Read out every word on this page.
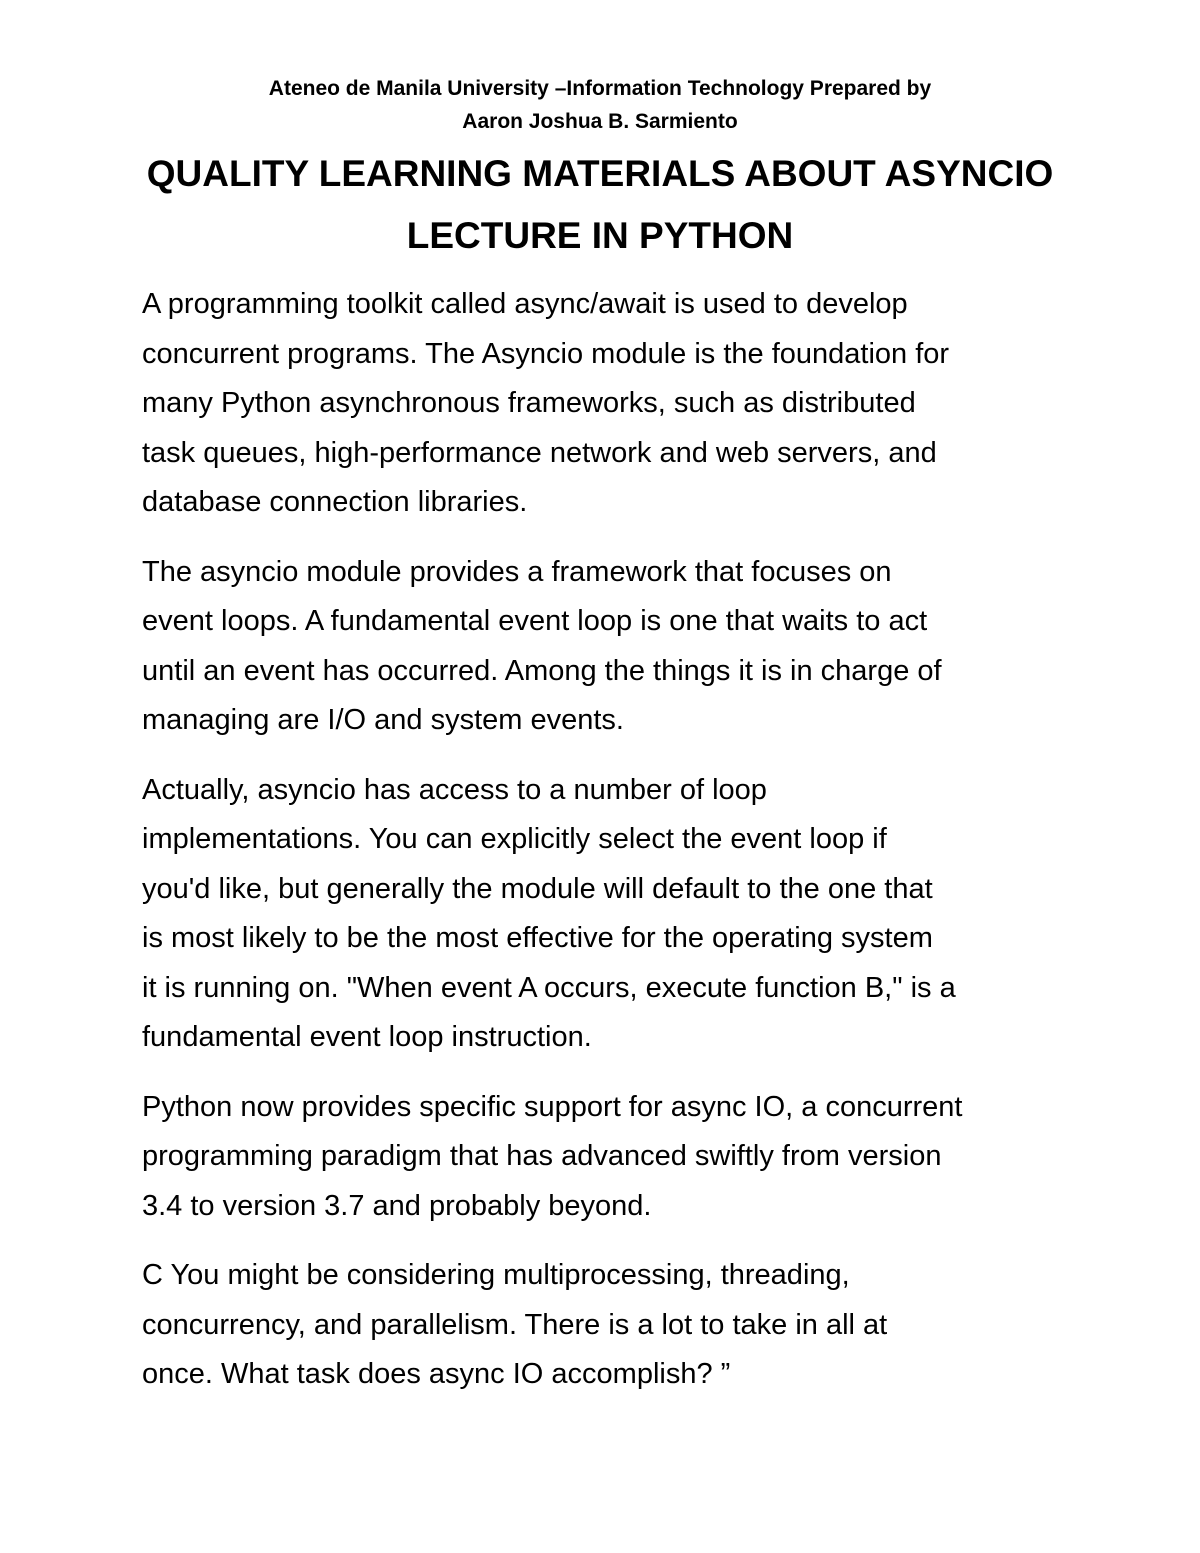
Ateneo de Manila University –Information Technology Prepared by
Aaron Joshua B. Sarmiento
QUALITY LEARNING MATERIALS ABOUT ASYNCIO
LECTURE IN PYTHON

A programming toolkit called async/await is used to develop
concurrent programs. The Asyncio module is the foundation for
many Python asynchronous frameworks, such as distributed
task queues, high-performance network and web servers, and
database connection libraries.

The asyncio module provides a framework that focuses on
event loops. A fundamental event loop is one that waits to act
until an event has occurred. Among the things it is in charge of
managing are I/O and system events.

Actually, asyncio has access to a number of loop
implementations. You can explicitly select the event loop if
you'd like, but generally the module will default to the one that
is most likely to be the most effective for the operating system
it is running on. "When event A occurs, execute function B," is a
fundamental event loop instruction.

Python now provides specific support for async IO, a concurrent
programming paradigm that has advanced swiftly from version
3.4 to version 3.7 and probably beyond.

C You might be considering multiprocessing, threading,
concurrency, and parallelism. There is a lot to take in all at
once. What task does async IO accomplish? ”
